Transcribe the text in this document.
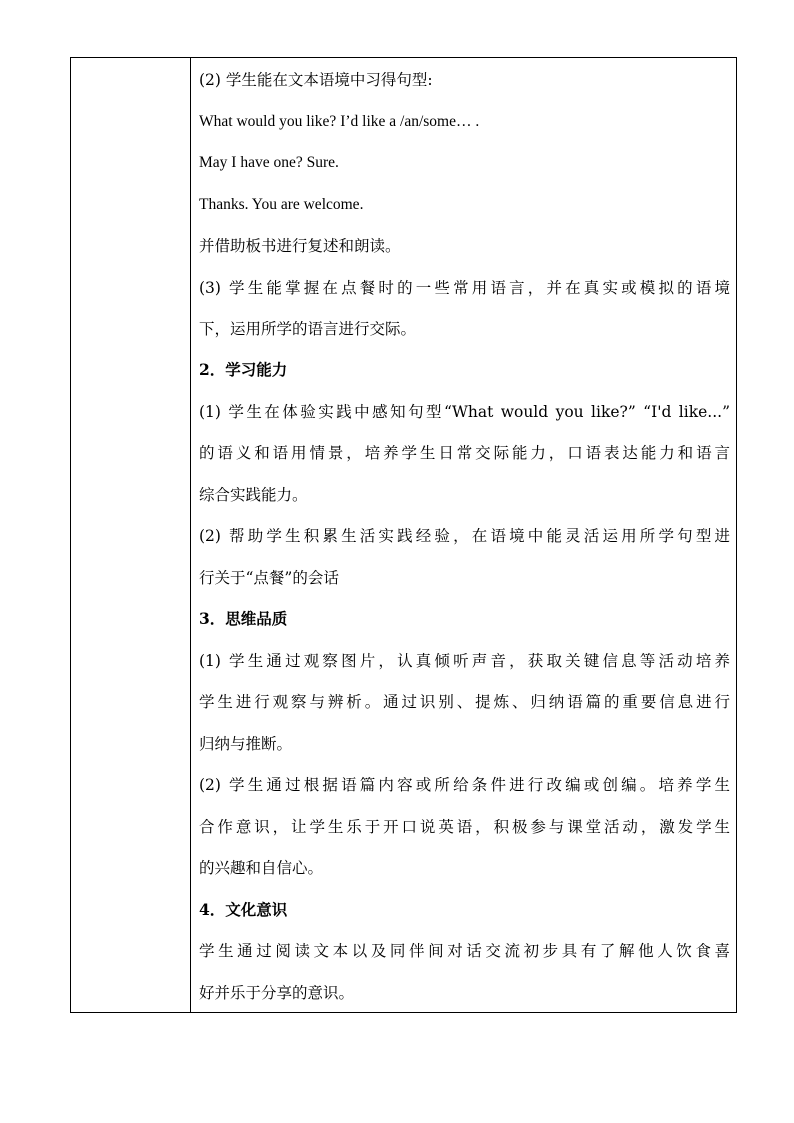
(2) 学生能在文本语境中习得句型:
What would you like? I’d like a /an/some… .
May I have one? Sure.
Thanks. You are welcome.
并借助板书进行复述和朗读。
(3) 学生能掌握在点餐时的一些常用语言，并在真实或模拟的语境
下，运用所学的语言进行交际。
2．学习能力
(1) 学生在体验实践中感知句型“What would you like?” “I'd like...”
的语义和语用情景，培养学生日常交际能力，口语表达能力和语言
综合实践能力。
(2) 帮助学生积累生活实践经验，在语境中能灵活运用所学句型进
行关于“点餐”的会话
3．思维品质
(1) 学生通过观察图片，认真倾听声音，获取关键信息等活动培养
学生进行观察与辨析。通过识别、提炼、归纳语篇的重要信息进行
归纳与推断。
(2) 学生通过根据语篇内容或所给条件进行改编或创编。培养学生
合作意识，让学生乐于开口说英语，积极参与课堂活动，激发学生
的兴趣和自信心。
4．文化意识
学生通过阅读文本以及同伴间对话交流初步具有了解他人饮食喜
好并乐于分享的意识。
